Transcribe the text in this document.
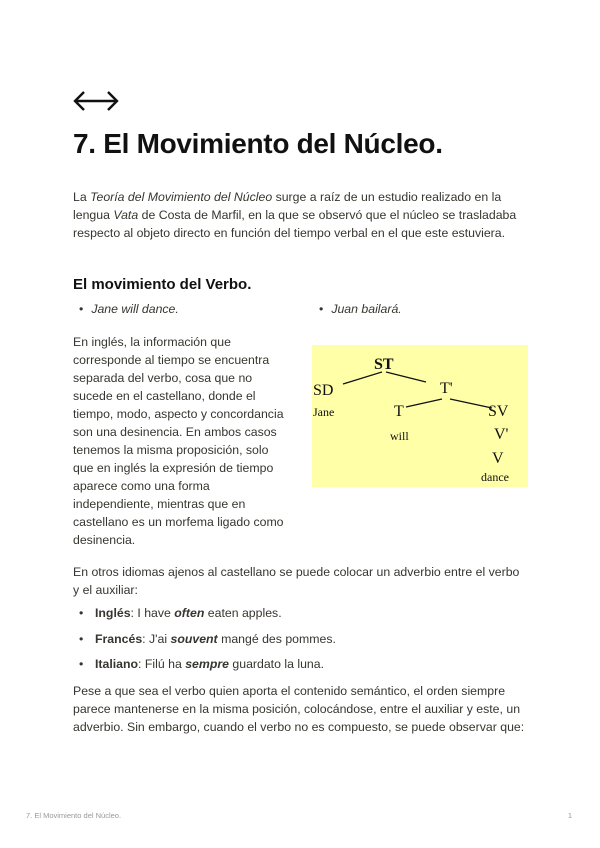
7. El Movimiento del Núcleo.

La Teoría del Movimiento del Núcleo surge a raíz de un estudio realizado en la lengua Vata de Costa de Marfil, en la que se observó que el núcleo se trasladaba respecto al objeto directo en función del tiempo verbal en el que este estuviera.

El movimiento del Verbo.

• Jane will dance.	• Juan bailará.

En inglés, la información que corresponde al tiempo se encuentra separada del verbo, cosa que no sucede en el castellano, donde el tiempo, modo, aspecto y concordancia son una desinencia. En ambos casos tenemos la misma proposición, solo que en inglés la expresión de tiempo aparece como una forma independiente, mientras que en castellano es un morfema ligado como desinencia.

ST
SD
Jane
T'
T
will
SV
V'
V
dance

En otros idiomas ajenos al castellano se puede colocar un adverbio entre el verbo y el auxiliar:

• Inglés: I have often eaten apples.
• Francés: J'ai souvent mangé des pommes.
• Italiano: Filú ha sempre guardato la luna.

Pese a que sea el verbo quien aporta el contenido semántico, el orden siempre parece mantenerse en la misma posición, colocándose, entre el auxiliar y este, un adverbio. Sin embargo, cuando el verbo no es compuesto, se puede observar que:

7. El Movimiento del Núcleo.	1
